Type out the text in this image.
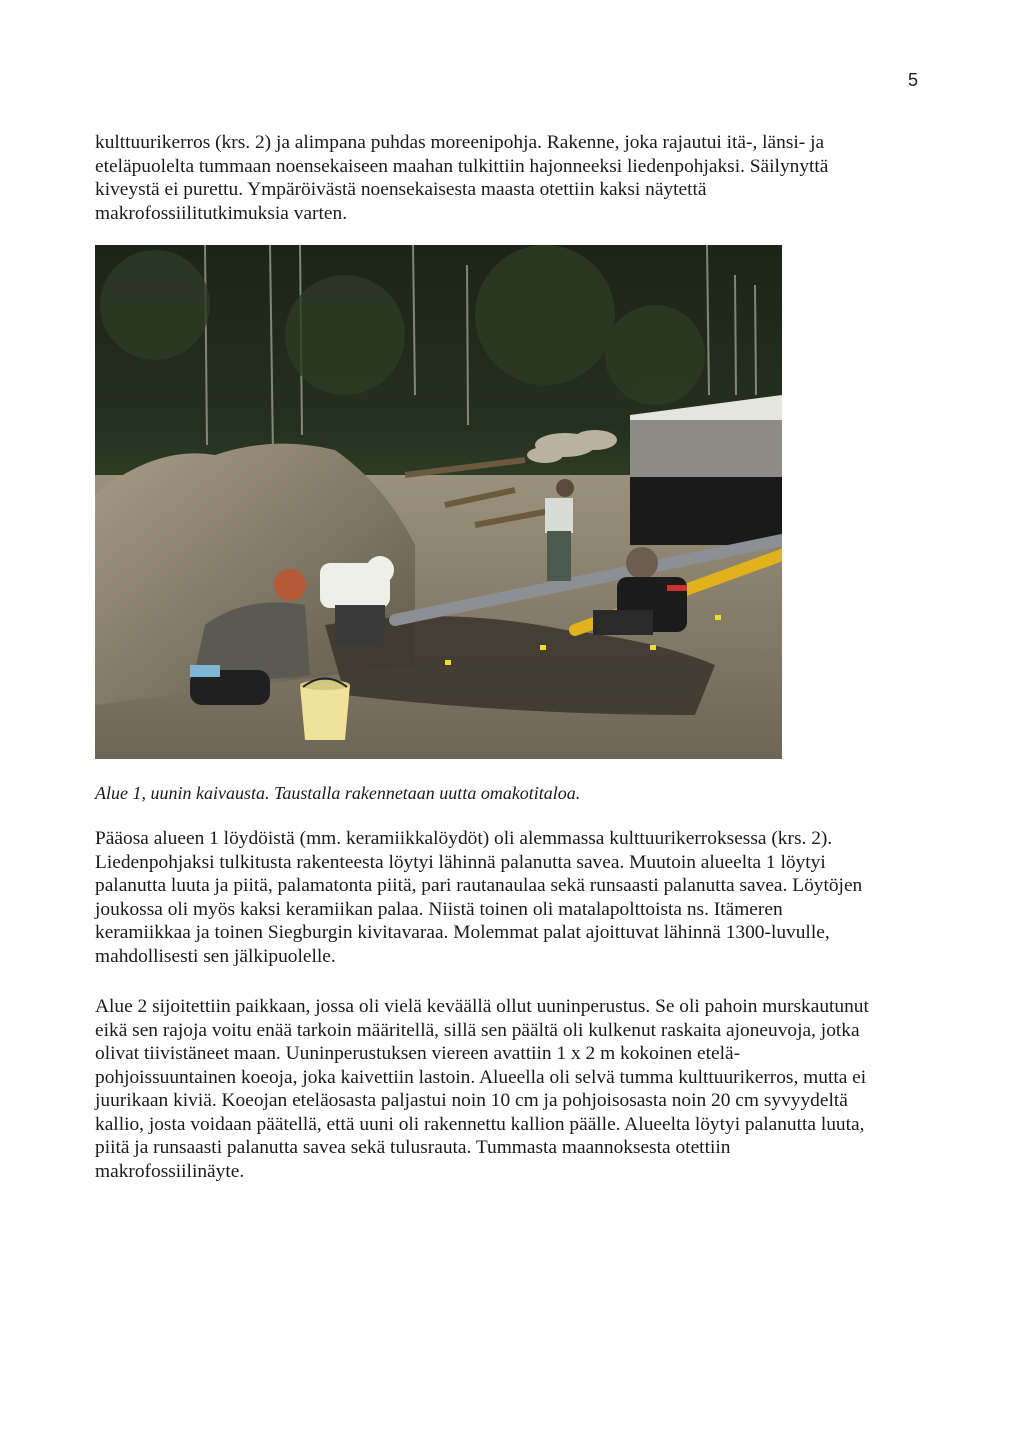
5

kulttuurikerros (krs. 2) ja alimpana puhdas moreenipohja. Rakenne, joka rajautui itä-, länsi- ja
eteläpuolelta tummaan noensekaiseen maahan tulkittiin hajonneeksi liedenpohjaksi. Säilynyttä
kiveystä ei purettu. Ympäröivästä noensekaisesta maasta otettiin kaksi näytettä
makrofossiilitutkimuksia varten.

Alue 1, uunin kaivausta. Taustalla rakennetaan uutta omakotitaloa.

Pääosa alueen 1 löydöistä (mm. keramiikkalöydöt) oli alemmassa kulttuurikerroksessa (krs. 2).
Liedenpohjaksi tulkitusta rakenteesta löytyi lähinnä palanutta savea. Muutoin alueelta 1 löytyi
palanutta luuta ja piitä, palamatonta piitä, pari rautanaulaa sekä runsaasti palanutta savea. Löytöjen
joukossa oli myös kaksi keramiikan palaa. Niistä toinen oli matalapolttoista ns. Itämeren
keramiikkaa ja toinen Siegburgin kivitavaraa. Molemmat palat ajoittuvat lähinnä 1300-luvulle,
mahdollisesti sen jälkipuolelle.

Alue 2 sijoitettiin paikkaan, jossa oli vielä keväällä ollut uuninperustus. Se oli pahoin murskautunut
eikä sen rajoja voitu enää tarkoin määritellä, sillä sen päältä oli kulkenut raskaita ajoneuvoja, jotka
olivat tiivistäneet maan. Uuninperustuksen viereen avattiin 1 x 2 m kokoinen etelä-
pohjoissuuntainen koeoja, joka kaivettiin lastoin. Alueella oli selvä tumma kulttuurikerros, mutta ei
juurikaan kiviä. Koeojan eteläosasta paljastui noin 10 cm ja pohjoisosasta noin 20 cm syvyydeltä
kallio, josta voidaan päätellä, että uuni oli rakennettu kallion päälle. Alueelta löytyi palanutta luuta,
piitä ja runsaasti palanutta savea sekä tulusrauta. Tummasta maannoksesta otettiin
makrofossiilinäyte.
